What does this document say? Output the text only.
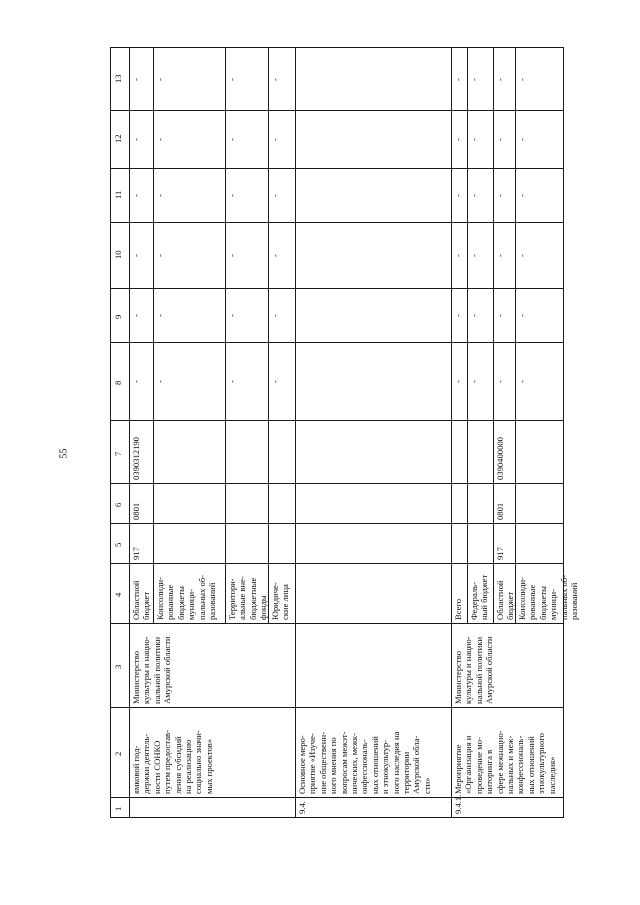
55
1
2
3
4
5
6
7
8
9
10
11
12
13
ямковой под- держки деятель- ности СОНКО путем предостав- ления субсидий на реализацию социально значи- мых проектов»
Министерство культуры и нацио- нальной политики Амурской области
Областной бюджет
917
0801
0390312190
-
-
-
-
-
-
Консолиди- рованные бюджеты муници- пальных об- разований
-
-
-
-
-
-
Территори- альные вне- бюджетные фонды
-
-
-
-
-
-
Юридиче- ские лица
-
-
-
-
-
-
9.4.
Основное меро- приятие «Изуче- ние общественн- ного мнения по вопросам межэт- нических, межк- онфессиональ- ных отношений и этнокультур- ного наследия на территории Амурской обла- сти»
9.4.1.
Мероприятие «Организация и проведение мо- ниторинга в сфере межнацио- нальных и меж- конфессиональ- ных отношений этнокультурного наследия»
Министерство культуры и нацио- нальной политики Амурской области
Всего
-
-
-
-
-
-
Федераль- ный бюджет
-
-
-
-
-
-
Областной бюджет
917
0801
0390400000
-
-
-
-
-
-
Консолиди- рованные бюджеты муници- пальных об- разований
-
-
-
-
-
-
